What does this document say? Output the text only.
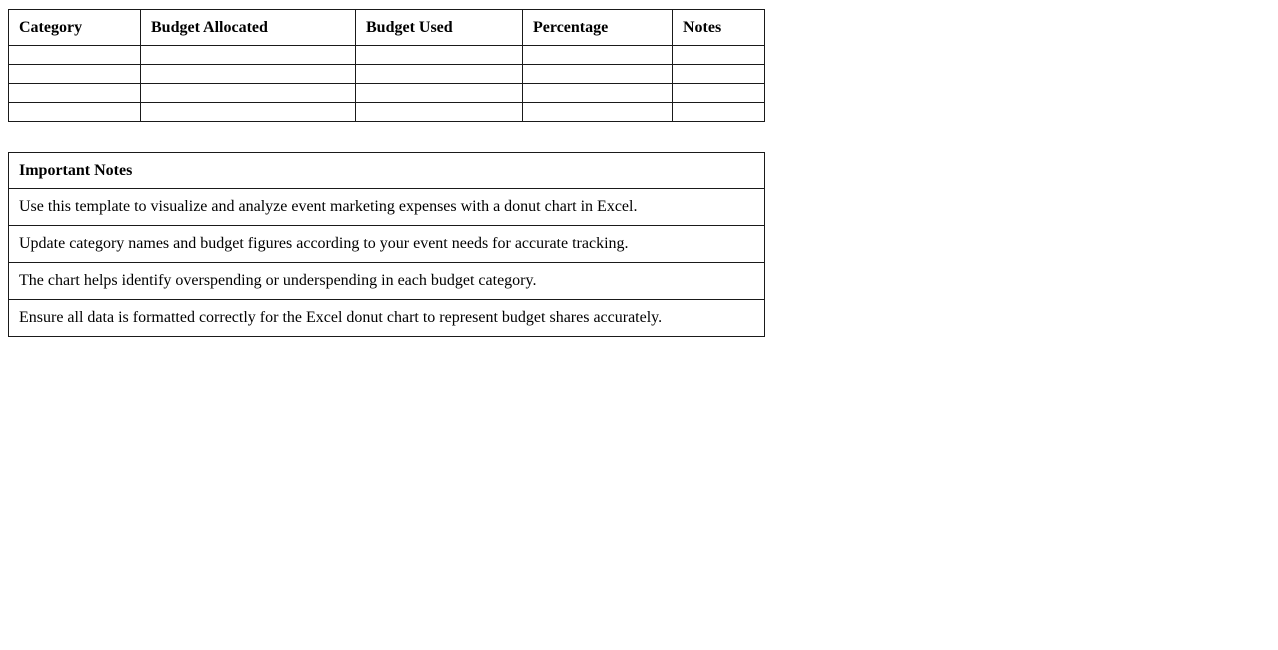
Category	Budget Allocated	Budget Used	Percentage	Notes

Important Notes
Use this template to visualize and analyze event marketing expenses with a donut chart in Excel.
Update category names and budget figures according to your event needs for accurate tracking.
The chart helps identify overspending or underspending in each budget category.
Ensure all data is formatted correctly for the Excel donut chart to represent budget shares accurately.
